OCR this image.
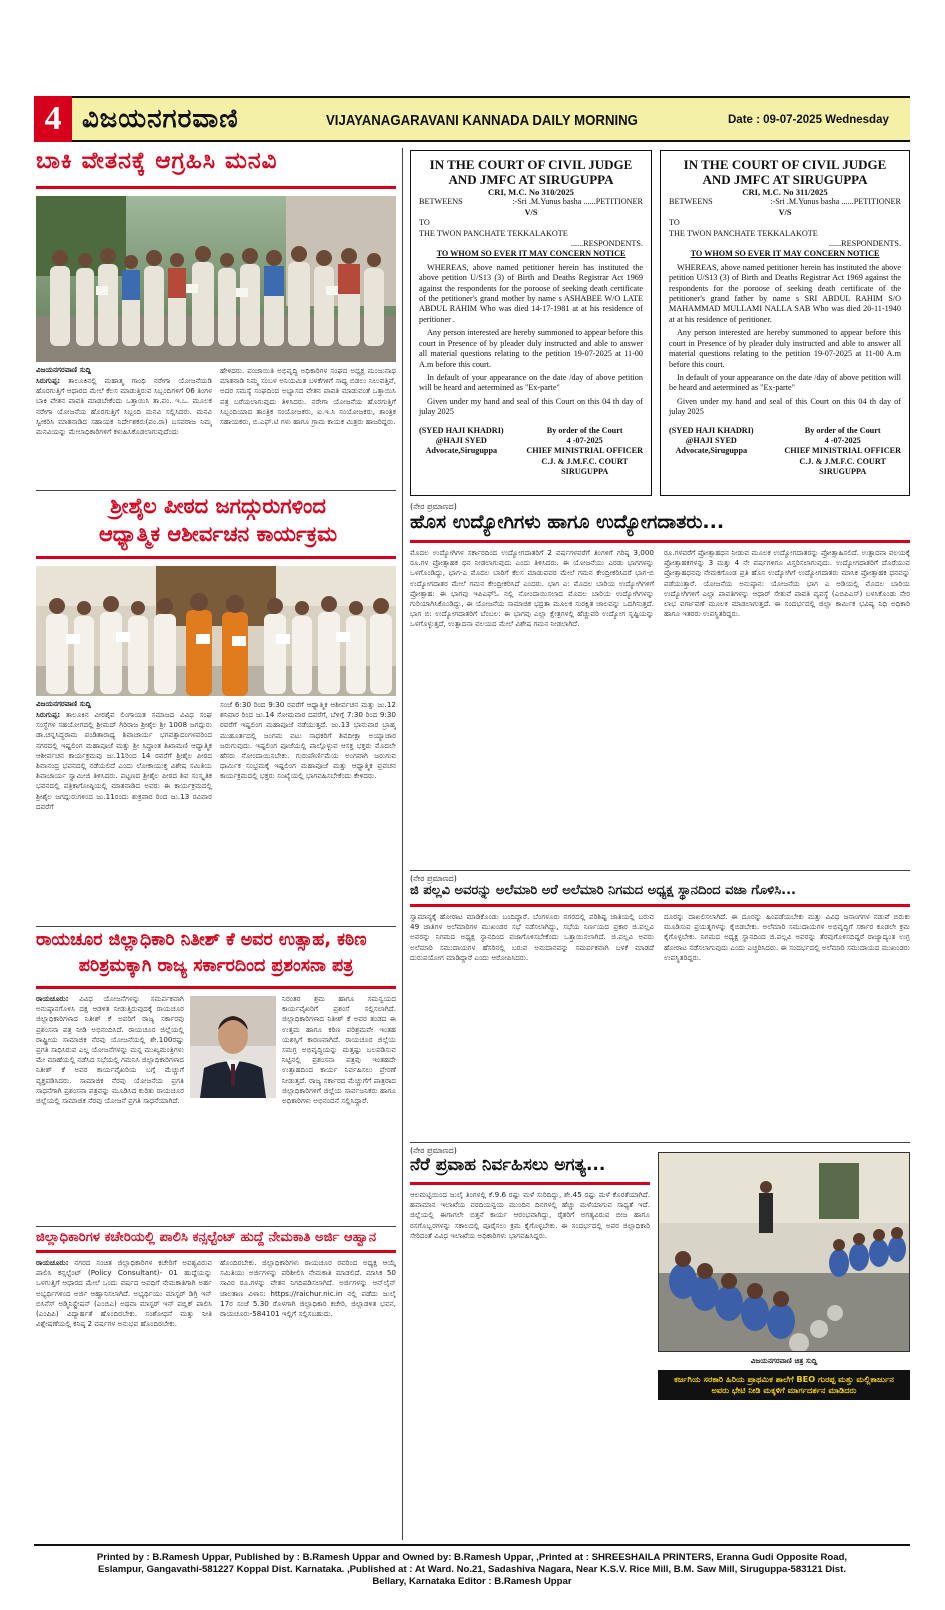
4 ವಿಜಯನಗರವಾಣಿ	VIJAYANAGARAVANI KANNADA DAILY MORNING	Date : 09-07-2025 Wednesday
ಬಾಕಿ ವೇತನಕ್ಕೆ ಆಗ್ರಹಿಸಿ ಮನವಿ
ವಿಜಯನಗರವಾಣಿ ಸುದ್ದಿ
ಸಿರುಗುಪ್ಪ: ತಾಲೂಕಿನಲ್ಲಿ ಮಹಾತ್ಮ ಗಾಂಧಿ ನರೇಗಾ ಯೋಜನೆಯಡಿ ಹೊರಗುತ್ತಿಗೆ ಆಧಾರದ ಮೇಲೆ ಕೆಲಸ ಮಾಡುತ್ತಿರುವ ಸಿಬ್ಬಂದಿಗಳಿಗೆ 06 ತಿಂಗಳ ಬಾಕಿ ವೇತನ ಪಾವತಿ ಮಾಡಬೇಕೆಂದು ಒತ್ತಾಯಿಸಿ ತಾ.ಪಂ. ಇ.ಒ. ಮೂಲಕ ನರೇಗಾ ಯೋಜನೆಯ ಹೊರಗುತ್ತಿಗೆ ಸಿಬ್ಬಂದಿ ಮನವಿ ಸಲ್ಲಿಸಿದರು. ಮನವಿ ಸ್ವೀಕರಿಸಿ ಮಾತನಾಡಿದ ಸಹಾಯಕ ನಿರ್ದೇಶಕರು(ಪಂ.ರಾ) ಬಸವರಾಜ ನಿಮ್ಮ ಮನವಿಯನ್ನು ಮೇಲಾಧಿಕಾರಿಗಳಿಗೆ ಕಳುಹಿಸಿಕೊಡಲಾಗುವುದೆಂದು
ಹೇಳಿದರು. ಪಂಚಾಯಿತಿ ಅಭಿವೃದ್ಧಿ ಅಧಿಕಾರಿಗಳ ಸಂಘದ ಅಧ್ಯಕ್ಷ ಮಂಜುನಾಥ ಮಾತನಾಡಿ ನಿಮ್ಮ ಸಂಬಳ ಅನಿಯಮಿತ ಬಳಕೆಗಳಿಗೆ ಸಾಧ್ಯ ಬಿಡಲು ನಿಲುವತ್ತಿವೆ, ಅದರ ಸಮಸ್ಯೆ ಸಂಘದಿಂದ ಅಭ್ಯಾಸದ ವೇತನ ಪಾವತಿ ಮಾಡುವಂತೆ ಒತ್ತಾಯಿಸಿ ಪತ್ರ ಬರೆಯಲಾಗುವುದು ತಿಳಿಸಿದರು. ನರೇಗಾ ಯೋಜನೆಯ ಹೊರಗುತ್ತಿಗೆ ಸಿಬ್ಬಂದಿಯಾದ ತಾಂತ್ರಿಕ ಸಂಯೋಜಕರು, ಐ.ಇ.ಸಿ ಸಂಯೋಜಕರು, ತಾಂತ್ರಿಕ ಸಹಾಯಕರು, ಬಿ.ಎಫ್.ಟಿ ಗಳು ಹಾಗೂ ಗ್ರಾಮ ಕಾಯಕ ಮಿತ್ರರು ಹಾಜರಿದ್ದರು.
ಶ್ರೀಶೈಲ ಪೀಠದ ಜಗದ್ಗುರುಗಳಿಂದ
ಆಧ್ಯಾತ್ಮಿಕ ಆಶೀರ್ವಚನ ಕಾರ್ಯಕ್ರಮ
ವಿಜಯನಗರವಾಣಿ ಸುದ್ದಿ
ಸಿರುಗುಪ್ಪ: ತಾಲೂಕಿನ ವೀರಶೈವ ಲಿಂಗಾಯತ ಸಮಾಜದ ವಿವಿಧ ಸಂಘ ಸಂಸ್ಥೆಗಳ ಸಹಯೋಗದಲ್ಲಿ ಶ್ರೀಮದ್ ಗಿರಿರಾಜ ಶ್ರೀಶೈಲ ಶ್ರೀ 1008 ಜಗದ್ಗುರು ಡಾ.ಚನ್ನಸಿದ್ಧರಾಮ ಪಂಡಿತಾರಾಧ್ಯ ಶಿವಾಚಾರ್ಯ ಭಗವತ್ಪಾದಂಗಳವರಿಂದ ನಗರದಲ್ಲಿ ಇಷ್ಟಲಿಂಗ ಮಹಾಪೂಜೆ ಮತ್ತು ಶ್ರೀ ಸಿದ್ಧಾಂತ ಶಿಖಾಮಣಿ ಆಧ್ಯಾತ್ಮಿಕ ಆಶೀರ್ವಚನ ಕಾರ್ಯಕ್ರಮವು ಜು.11ರಿಂದ 14 ರವರೆಗೆ ಶ್ರೀಶೈಲ ಪೀಠದ ಶಿವಾನಂದ್ರ ಭವನದಲ್ಲಿ ನಡೆಯಲಿದೆ ಎಂದು ಲೋಕಾಯುಕ್ತ ವಿಶೇಷ ಸಮಿತಿಯ ಶಿವಾಚಾರ್ಯ ಸ್ವಾಮೀಜಿ ತಿಳಿಸಿದರು. ಪಟ್ಟಣದ ಶ್ರೀಶೈಲ ಪೀಠದ ಶಿವ ಸಂಸ್ಕೃತಿಕ ಭವನದಲ್ಲಿ ಪತ್ರಿಕಾಗೋಷ್ಠಿಯಲ್ಲಿ ಮಾತನಾಡಿದ ಅವರು ಈ ಕಾರ್ಯಕ್ರಮದಲ್ಲಿ ಶ್ರೀಶೈಲ ಜಗದ್ಗುರುಗಳಿಂದ ಜು.11ರಂದು ಶುಕ್ರವಾರ ರಿಂದ ಜು.13 ರವಿವಾರ ದವರೆಗೆ
ಸಂಜೆ 6:30 ರಿಂದ 9:30 ರವರೆಗೆ ಆಧ್ಯಾತ್ಮಿಕ ಆಶೀರ್ವಚನ ಮತ್ತು ಜು.12 ಶನಿವಾರ ರಿಂದ ಜು.14 ಸೋಮವಾರ ದವರೆಗೆ, ಬೆಳಿಗ್ಗೆ 7:30 ರಿಂದ 9:30 ರವರೆಗೆ ಇಷ್ಟಲಿಂಗ ಮಹಾಪೂಜೆ ನಡೆಯುತ್ತದೆ. ಜು.13 ಭಾನುವಾರ ಬ್ರಾಹ್ಮ ಮುಹೂರ್ತದಲ್ಲಿ ಜಂಗಮ ವಟು ಸಾಧಕರಿಗೆ ಶಿವದೀಕ್ಷಾ ಅಯ್ಯಾಚಾರ ಜರುಗುವುದು. ಇಷ್ಟಲಿಂಗ ಪೂಜೆಯಲ್ಲಿ ಪಾಲ್ಗೊಳ್ಳುವ ಆಸಕ್ತ ಭಕ್ತರು ಮೊದಲೇ ಹೆಸರು ನೋಂದಾಯಿಸಬೇಕು. ಗುರುಪೌರ್ಣಿಮೆಯ ಅಂಗವಾಗಿ ಜರುಗುವ ಧಾರ್ಮಿಕ ಸಂಭ್ರಮಕ್ಕೆ ಇಷ್ಟಲಿಂಗ ಮಹಾಪೂಜೆ ಮತ್ತು ಆಧ್ಯಾತ್ಮಿಕ ಪ್ರವಚನ ಕಾರ್ಯಕ್ರಮದಲ್ಲಿ ಭಕ್ತರು ಸಂಖ್ಯೆಯಲ್ಲಿ ಭಾಗವಹಿಸಬೇಕೆಂದು ಕೇಳಿದರು.
ರಾಯಚೂರ ಜಿಲ್ಲಾಧಿಕಾರಿ ನಿತೀಶ್ ಕೆ ಅವರ ಉತ್ಸಾಹ, ಕಠಿಣ
ಪರಿಶ್ರಮಕ್ಕಾಗಿ ರಾಜ್ಯ ಸರ್ಕಾರದಿಂದ ಪ್ರಶಂಸನಾ ಪತ್ರ
ರಾಯಚೂರು: ವಿವಿಧ ಯೋಜನೆಗಳನ್ನು ಸಮರ್ಪಕವಾಗಿ ಅನುಷ್ಠಾನಗೊಳಿಸಿ ದಕ್ಷ ಆಡಳಿತ ನೀಡುತ್ತಿರುವುದಕ್ಕೆ ರಾಯಚೂರ ಜಿಲ್ಲಾಧಿಕಾರಿಗಳಾದ ನಿತೀಶ್ ಕೆ ಅವರಿಗೆ ರಾಜ್ಯ ಸರ್ಕಾರವು ಪ್ರಶಂಸನಾ ಪತ್ರ ನೀಡಿ ಅಭಿನಂದಿಸಿದೆ. ರಾಯಚೂರ ಜಿಲ್ಲೆಯಲ್ಲಿ ರಾಷ್ಟ್ರೀಯ ಸಾಮಾಜಿಕ ನೆರವು ಯೋಜನೆಯಲ್ಲಿ ಶೇ.100ರಷ್ಟು ಪ್ರಗತಿ ಸಾಧಿಸಿರುವ ಎಲ್ಲ ಯೋಜನೆಗಳನ್ನು ಮನ್ನ ಮುಖ್ಯಮಂತ್ರಿಗಳು ಮೇ ಮಾಹೆಯಲ್ಲಿ ನಡೆಸಿದ ಸಭೆಯಲ್ಲಿ ಗಮನಿಸಿ ಜಿಲ್ಲಾಧಿಕಾರಿಗಳಾದ ನಿತೀಶ್ ಕೆ ಅವರ ಕಾರ್ಯವೈಖರಿಯ ಬಗ್ಗೆ ಮೆಚ್ಚುಗೆ ವ್ಯಕ್ತಪಡಿಸಿದರು. ಸಾಮಾಜಿಕ ನೆರವು ಯೋಜನೆಯ ಪ್ರಗತಿ ಸಾಧನೆಗಾಗಿ ಪ್ರಶಂಸನಾ ಪತ್ರವನ್ನು ಮೂಡಿಸಿದ ಕುರಿತು ರಾಯಚೂರ ಜಿಲ್ಲೆಯಲ್ಲಿ ಸಾಮಾಜಿಕ ನೆರವು ಯೋಜನೆ ಪ್ರಗತಿ ಸಾಧನೆಯಾಗಿದೆ.
ನಿರಂತರ ಶ್ರಮ ಹಾಗೂ ಸಮನ್ವಯದ ಕಾರ್ಯವೈಖರಿಗೆ ಪ್ರಶಂಸೆ ಸಲ್ಲಿಸಲಾಗಿದೆ. ಜಿಲ್ಲಾಧಿಕಾರಿಗಳಾದ ನಿತೀಶ್ ಕೆ ಅವರ ತಂಡದ ಈ ಉತ್ತಮ ಹಾಗೂ ಕಠಿಣ ಪರಿಶ್ರಮವೇ ಇಂತಹ ಯಶಸ್ಸಿಗೆ ಕಾರಣವಾಗಿದೆ. ರಾಯಚೂರ ಜಿಲ್ಲೆಯ ಸಮಗ್ರ ಅಭಿವೃದ್ಧಿಯನ್ನು ಮತ್ತಷ್ಟು ಬಲಪಡಿಸುವ ನಿಟ್ಟಿನಲ್ಲಿ ಪ್ರಶಂಸನಾ ಪತ್ರವು ಇಂತಹದೇ ಉತ್ಸಾಹದಿಂದ ಕಾರ್ಯ ನಿರ್ವಹಿಸಲು ಪ್ರೇರಣೆ ನೀಡುತ್ತದೆ. ರಾಜ್ಯ ಸರ್ಕಾರದ ಮೆಚ್ಚುಗೆಗೆ ಪಾತ್ರರಾದ ಜಿಲ್ಲಾಧಿಕಾರಿಗಳಿಗೆ ಜಿಲ್ಲೆಯ ಸಾರ್ವಜನಿಕರು ಹಾಗೂ ಅಧಿಕಾರಿಗಳು ಅಭಿನಂದನೆ ಸಲ್ಲಿಸಿದ್ದಾರೆ.
ಜಿಲ್ಲಾಧಿಕಾರಿಗಳ ಕಚೇರಿಯಲ್ಲಿ ಪಾಲಿಸಿ ಕನ್ಸಲ್ಟೆಂಟ್ ಹುದ್ದೆ ನೇಮಕಾತಿ ಅರ್ಜಿ ಆಹ್ವಾನ
ರಾಯಚೂರು: ನಗರದ ಸಂಚಿತ ಜಿಲ್ಲಾಧಿಕಾರಿಗಳ ಕಚೇರಿಗೆ ಅವಶ್ಯವಿರುವ ಪಾಲಿಸಿ ಕನ್ಸಲ್ಟೆಂಟ್ (Policy Consultant)- 01 ಹುದ್ದೆಯನ್ನು ಒಳಗುತ್ತಿಗೆ ಆಧಾರದ ಮೇಲೆ ಒಂದು ವರ್ಷದ ಅವಧಿಗೆ ನೇಮಕಾತಿಗಾಗಿ ಅರ್ಹ ಅಭ್ಯರ್ಥಿಗಳಿಂದ ಅರ್ಜಿ ಆಹ್ವಾನಿಸಲಾಗಿದೆ. ಅಭ್ಯರ್ಥಿಯು ಮಾಸ್ಟರ್ ಡಿಗ್ರಿ ಇನ್ ಬಿಸಿನೆಸ್ ಅಡ್ಮಿನಿಸ್ಟ್ರೇಷನ್ (ಎಂಬಿಎ) ಅಥವಾ ಮಾಸ್ಟರ್ ಇನ್ ಪಬ್ಲಿಕ್ ಪಾಲಿಸಿ (ಎಂಪಿಪಿ) ವಿದ್ಯಾರ್ಹತೆ ಹೊಂದಿರಬೇಕು. ಸಂಶೋಧನೆ ಮತ್ತು ನೀತಿ ವಿಶ್ಲೇಷಣೆಯಲ್ಲಿ ಕನಿಷ್ಠ 2 ವರ್ಷಗಳ ಅನುಭವ ಹೊಂದಿರಬೇಕು.
ಹೊಂದಿರಬೇಕು. ಜಿಲ್ಲಾಧಿಕಾರಿಗಳು ರಾಯಚೂರ ರವರಿಂದ ಅಧ್ಯಕ್ಷ ಆಯ್ಕೆ ಸಮಿತಿಯು ಅರ್ಜಿಗಳನ್ನು ಪರಿಶೀಲಿಸಿ ನೇಮಕಾತಿ ಮಾಡಲಿದೆ. ಮಾಸಿಕ 50 ಸಾವಿರ ರೂ.ಗಳನ್ನು ವೇತನ ನಿಗದಿಪಡಿಸಲಾಗಿದೆ. ಅರ್ಜಿಗಳನ್ನು ಆನ್‌ಲೈನ್ ಜಾಲತಾಣ ವಿಳಾಸ: https://raichur.nic.in ನಲ್ಲಿ ಪಡೆದು ಜುಲೈ 17ರ ಸಂಜೆ 5.30 ರೊಳಗಾಗಿ ಜಿಲ್ಲಾಧಿಕಾರಿ ಕಚೇರಿ, ಜಿಲ್ಲಾಡಳಿತ ಭವನ, ರಾಯಚೂರು-584101 ಇಲ್ಲಿಗೆ ಸಲ್ಲಿಸಬಹುದು.
IN THE COURT OF CIVIL JUDGE AND JMFC AT SIRUGUPPA
CRI, M.C. No 310/2025
BETWEENS	:-Sri .M.Yunus basha ......PETITIONER
V/S
TO
THE TWON PANCHATE TEKKALAKOTE
......RESPONDENTS.
TO WHOM SO EVER IT MAY CONCERN NOTICE

WHEREAS, above named petitioner herein has instituted the above petition U/S13 (3) of Birth and Deaths Registrar Act 1969 against the respondents for the poroose of seeking death certificate of the petitioner's grand mother by name s ASHABEE W/O LATE ABDUL RAHIM Who was died 14-17-1981 at at his residence of peritioner .

Any person interested are hereby summoned to appear before this court in Presence of by pleader duly instructed and able to answer all material questions relating to the petition 19-07-2025 at 11-00 A.m before this court.

In default of your appearance on the date /day of above petition will be heard and aetermined as "Ex-parte"

Given under my hand and seal of this Court on this 04 th day of julay 2025

(SYED HAJI KHADRI)
@HAJI SYED
Advocate,Siruguppa
By order of the Court
4 -07-2025
CHIEF MINISTRIAL OFFICER
C.J. & J.M.F.C. COURT
SIRUGUPPA
IN THE COURT OF CIVIL JUDGE AND JMFC AT SIRUGUPPA
CRI, M.C. No 311/2025
BETWEENS	:-Sri .M.Yunus basha ......PETITIONER
V/S
TO
THE TWON PANCHATE TEKKALAKOTE
......RESPONDENTS.
TO WHOM SO EVER IT MAY CONCERN NOTICE

WHEREAS, above named petitioner herein has instituted the above petition U/S13 (3) of Birth and Deaths Registrar Act 1969 against the respondents for the poroose of seeking death certificate of the petitioner's grand father by name s SRI ABDUL RAHIM S/O MAHAMMAD MULLAMI NALLA SAB Who was died 20-11-1940 at at his residence of peritioner.

Any person interested are hereby summoned to appear before this court in Presence of by pleader duly instructed and able to answer all material questions relating to the petition 19-07-2025 at 11-00 A.m before this court.

In default of your appearance on the date /day of above petition will be heard and aetermined as "Ex-parte"

Given under my hand and seal of this Court on this 04 th day of julay 2025

(SYED HAJI KHADRI)
@HAJI SYED
Advocate,Siruguppa
By order of the Court
4 -07-2025
CHIEF MINISTRIAL OFFICER
C.J. & J.M.F.C. COURT
SIRUGUPPA
(ನೇರ ಪ್ರಮಾಣದ)
ಹೊಸ ಉದ್ಯೋಗಿಗಳು ಹಾಗೂ ಉದ್ಯೋಗದಾತರು...
ಮೊದಲ ಉದ್ಯೋಗಿಗಳ ಸರ್ಕಾರದಿಂದ ಉದ್ಯೋಗದಾತರಿಗೆ 2 ವರ್ಷಗಳವರೆಗೆ ತಿಂಗಳಿಗೆ ಗರಿಷ್ಠ 3,000 ರೂ.ಗಳ ಪ್ರೋತ್ಸಾಹಕ ಧನ ನೀಡಲಾಗುವುದು ಎಂದು ತಿಳಿಸಿದರು. ಈ ಯೋಜನೆಯು ಎರಡು ಭಾಗಗಳನ್ನು ಒಳಗೊಂಡಿದ್ದು, ಭಾಗ-ಎ ಮೊದಲ ಬಾರಿಗೆ ಕೆಲಸ ಮಾಡುವವರ ಮೇಲೆ ಗಮನ ಕೇಂದ್ರೀಕರಿಸಿದರೆ ಭಾಗ-ಬಿ ಉದ್ಯೋಗದಾತರ ಮೇಲೆ ಗಮನ ಕೇಂದ್ರೀಕರಿಸಿದೆ ಎಂದರು. ಭಾಗ ಎ: ಮೊದಲ ಬಾರಿಯ ಉದ್ಯೋಗಿಗಳಿಗೆ ಪ್ರೋತ್ಸಾಹ: ಈ ಭಾಗವು ಇಪಿಎಫ್‌ಓ ನಲ್ಲಿ ನೋಂದಾಯಿಸಲಾದ ಮೊದಲ ಬಾರಿಯ ಉದ್ಯೋಗಿಗಳನ್ನು ಗುರಿಯಾಗಿಸಿಕೊಂಡಿದ್ದು, ಈ ಯೋಜನೆಯ ಸಾಮಾಜಿಕ ಭದ್ರತಾ ಮೂಲಕ ಸುರಕ್ಷಿತ ಜಾಲವನ್ನು ಒದಗಿಸುತ್ತದೆ. ಭಾಗ ಬಿ: ಉದ್ಯೋಗದಾತರಿಗೆ ಬೆಂಬಲ: ಈ ಭಾಗವು ಎಲ್ಲಾ ಕ್ಷೇತ್ರಗಳಲ್ಲಿ ಹೆಚ್ಚುವರಿ ಉದ್ಯೋಗ ಸೃಷ್ಟಿಯನ್ನು ಒಳಗೊಳ್ಳುತ್ತದೆ, ಉತ್ಪಾದನಾ ವಲಯದ ಮೇಲೆ ವಿಶೇಷ ಗಮನ ನೀಡಲಾಗಿದೆ.
ರೂ.ಗಳವರೆಗೆ ಪ್ರೋತ್ಸಾಹಧನ ನೀಡುವ ಮೂಲಕ ಉದ್ಯೋಗದಾತರನ್ನು ಪ್ರೋತ್ಸಾಹಿಸಲಿದೆ. ಉತ್ಪಾದನಾ ವಲಯಕ್ಕೆ ಪ್ರೋತ್ಸಾಹಕಗಳನ್ನು 3 ಮತ್ತು 4 ನೇ ವರ್ಷಗಳಿಗೂ ವಿಸ್ತರಿಸಲಾಗುವುದು. ಉದ್ಯೋಗದಾತರಿಗೆ ದೊರೆಯುವ ಪ್ರೋತ್ಸಾಹಧನವು ನೇಮಕಗೊಂಡ ಪ್ರತಿ ಹೊಸ ಉದ್ಯೋಗಿಗೆ ಉದ್ಯೋಗದಾತರು ಮಾಸಿಕ ಪ್ರೋತ್ಸಾಹಕ ಧನವನ್ನು ಪಡೆಯುತ್ತಾರೆ. ಯೋಜನೆಯ ಅನುಷ್ಠಾನ: ಯೋಜನೆಯ ಭಾಗ ಎ ಅಡಿಯಲ್ಲಿ ಮೊದಲ ಬಾರಿಯ ಉದ್ಯೋಗಿಗಳಿಗೆ ಎಲ್ಲಾ ಪಾವತಿಗಳನ್ನು ಆಧಾರ್ ಸೇತುವೆ ಪಾವತಿ ವ್ಯವಸ್ಥೆ (ಎಬಿಪಿಎಸ್) ಬಳಸಿಕೊಂಡು ನೇರ ಲಾಭ ವರ್ಗಾವಣೆ ಮೂಲಕ ಮಾಡಲಾಗುತ್ತದೆ. ಈ ಸಂದರ್ಭದಲ್ಲಿ ಜಿಲ್ಲಾ ಕಾರ್ಮಿಕ ಭವಿಷ್ಯ ನಿಧಿ ಅಧಿಕಾರಿ ಹಾಗೂ ಇತರರು ಉಪಸ್ಥಿತರಿದ್ದರು.
(ನೇರ ಪ್ರಮಾಣದ)
ಜಿ ಪಲ್ಲವಿ ಅವರನ್ನು ಅಲೆಮಾರಿ ಅರೆ ಅಲೆಮಾರಿ ನಿಗಮದ ಅಧ್ಯಕ್ಷ ಸ್ಥಾನದಿಂದ ವಜಾ ಗೊಳಿಸಿ...
ಸ್ವಾಮಾನ್ಯಕ್ಕೆ ಹೋರಾಟ ಮಾಡಿಕೊಂಡು ಬಂದಿದ್ದಾರೆ. ಬೆಂಗಳೂರು ನಗರದಲ್ಲಿ ಪರಿಶಿಷ್ಟ ಜಾತಿಯಲ್ಲಿ ಬರುವ 49 ಜಾತಿಗಳ ಅಲೆಮಾರಿಗಳ ಮುಖಂಡರ ಸಭೆ ನಡೆಸಲಾಗಿದ್ದು, ಸಭೆಯ ನಿರ್ಣಯದ ಪ್ರಕಾರ ಜಿ.ಪಲ್ಲವಿ ಅವರನ್ನು ನಿಗಮದ ಅಧ್ಯಕ್ಷ ಸ್ಥಾನದಿಂದ ವಜಾಗೊಳಿಸಬೇಕೆಂದು ಒತ್ತಾಯಿಸಲಾಗಿದೆ. ಜಿ.ಪಲ್ಲವಿ ಅವರು ಅಲೆಮಾರಿ ಸಮುದಾಯಗಳ ಹೆಸರಿನಲ್ಲಿ ಬರುವ ಅನುದಾನವನ್ನು ಸಮರ್ಪಕವಾಗಿ ಬಳಕೆ ಮಾಡದೆ ದುರುಪಯೋಗ ಮಾಡಿದ್ದಾರೆ ಎಂದು ಆರೋಪಿಸಿದರು.
ದೂರನ್ನು ದಾಖಲಿಸಲಾಗಿದೆ. ಈ ದೂರನ್ನು ಹಿಂಪಡೆಯಬೇಕು ಮತ್ತು ವಿವಿಧ ಜನಾಂಗಗಳ ನಡುವೆ ಬಿರುಕು ಮೂಡಿಸುವ ಪ್ರಯತ್ನಗಳನ್ನು ಕೈಬಿಡಬೇಕು. ಅಲೆಮಾರಿ ಸಮುದಾಯಗಳ ಅಭಿವೃದ್ಧಿಗೆ ಸರ್ಕಾರ ಕೂಡಲೇ ಕ್ರಮ ಕೈಗೊಳ್ಳಬೇಕು. ನಿಗಮದ ಅಧ್ಯಕ್ಷ ಸ್ಥಾನದಿಂದ ಜಿ.ಪಲ್ಲವಿ ಅವರನ್ನು ತೆರವುಗೊಳಿಸದಿದ್ದರೆ ರಾಜ್ಯಾದ್ಯಂತ ಉಗ್ರ ಹೋರಾಟ ನಡೆಸಲಾಗುವುದು ಎಂದು ಎಚ್ಚರಿಸಿದರು. ಈ ಸಂದರ್ಭದಲ್ಲಿ ಅಲೆಮಾರಿ ಸಮುದಾಯದ ಮುಖಂಡರು ಉಪಸ್ಥಿತರಿದ್ದರು.
(ನೇರ ಪ್ರಮಾಣದ)
ನೆರೆ ಪ್ರವಾಹ ನಿರ್ವಹಿಸಲು ಅಗತ್ಯ...
ಆಲಮಟ್ಟಿಯಿಂದ ಜುಲೈ ತಿಂಗಳಲ್ಲಿ ಕೆ.9.6 ರಷ್ಟು ಮಳೆ ಸುರಿದಿದ್ದು, ಶೇ.45 ರಷ್ಟು ಮಳೆ ಕೊರತೆಯಾಗಿದೆ. ಹವಾಮಾನ ಇಲಾಖೆಯ ವರದಿಯನ್ವಯ ಮುಂದಿನ ದಿನಗಳಲ್ಲಿ ಹೆಚ್ಚು ಮಳೆಯಾಗುವ ಸಾಧ್ಯತೆ ಇದೆ. ಜಿಲ್ಲೆಯಲ್ಲಿ ಈಗಾಗಲೇ ಬಿತ್ತನೆ ಕಾರ್ಯ ಆರಂಭವಾಗಿದ್ದು, ರೈತರಿಗೆ ಅಗತ್ಯವಿರುವ ಬೀಜ ಹಾಗೂ ರಸಗೊಬ್ಬರಗಳನ್ನು ಸಕಾಲದಲ್ಲಿ ಪೂರೈಸಲು ಕ್ರಮ ಕೈಗೊಳ್ಳಬೇಕು. ಈ ಸಂದರ್ಭದಲ್ಲಿ ಅಪರ ಜಿಲ್ಲಾಧಿಕಾರಿ ಸೇರಿದಂತೆ ವಿವಿಧ ಇಲಾಖೆಯ ಅಧಿಕಾರಿಗಳು ಭಾಗವಹಿಸಿದ್ದರು.
ವಿಜಯನಗರವಾಣಿ ಚಿತ್ರ ಸುದ್ದಿ
ಕರ್ಜಗಿಯ ಸರಕಾರಿ ಹಿರಿಯ ಪ್ರಾಥಮಿಕ ಶಾಲೆಗೆ BEO ಗುರಪ್ಪ ಮತ್ತು ಮಲ್ಲಿಕಾರ್ಜುನ ಅವರು ಭೇಟಿ ನೀಡಿ ಮಕ್ಕಳಿಗೆ ಮಾರ್ಗದರ್ಶನ ಮಾಡಿದರು
Printed by : B.Ramesh Uppar, Published by : B.Ramesh Uppar and Owned by: B.Ramesh Uppar, ,Printed at : SHREESHAILA PRINTERS, Eranna Gudi Opposite Road,
Eslampur, Gangavathi-581227 Koppal Dist. Karnataka. ,Published at : At Ward. No.21, Sadashiva Nagara, Near K.S.V. Rice Mill, B.M. Saw Mill, Siruguppa-583121 Dist.
Bellary, Karnataka Editor : B.Ramesh Uppar
